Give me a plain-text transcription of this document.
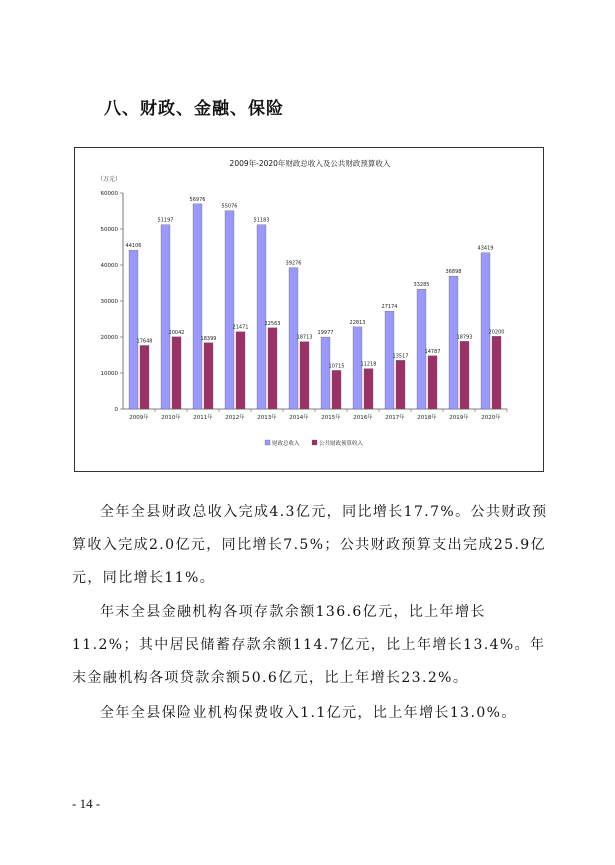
八、财政、金融、保险
2009年-2020年财政总收入及公共财政预算收入
（万元）
0
10000
20000
30000
40000
50000
60000
44106
17648
2009年
51197
20042
2010年
56976
18399
2011年
55076
21471
2012年
51183
22563
2013年
39276
18713
2014年
19977
10715
2015年
22813
11218
2016年
27174
13517
2017年
33285
14787
2018年
36898
18793
2019年
43419
20200
2020年
财政总收入	公共财政预算收入

全年全县财政总收入完成4.3亿元，同比增长17.7%。公共财政预算收入完成2.0亿元，同比增长7.5%；公共财政预算支出完成25.9亿元，同比增长11%。

年末全县金融机构各项存款余额136.6亿元，比上年增长11.2%；其中居民储蓄存款余额114.7亿元，比上年增长13.4%。年末金融机构各项贷款余额50.6亿元，比上年增长23.2%。

全年全县保险业机构保费收入1.1亿元，比上年增长13.0%。

- 14 -
